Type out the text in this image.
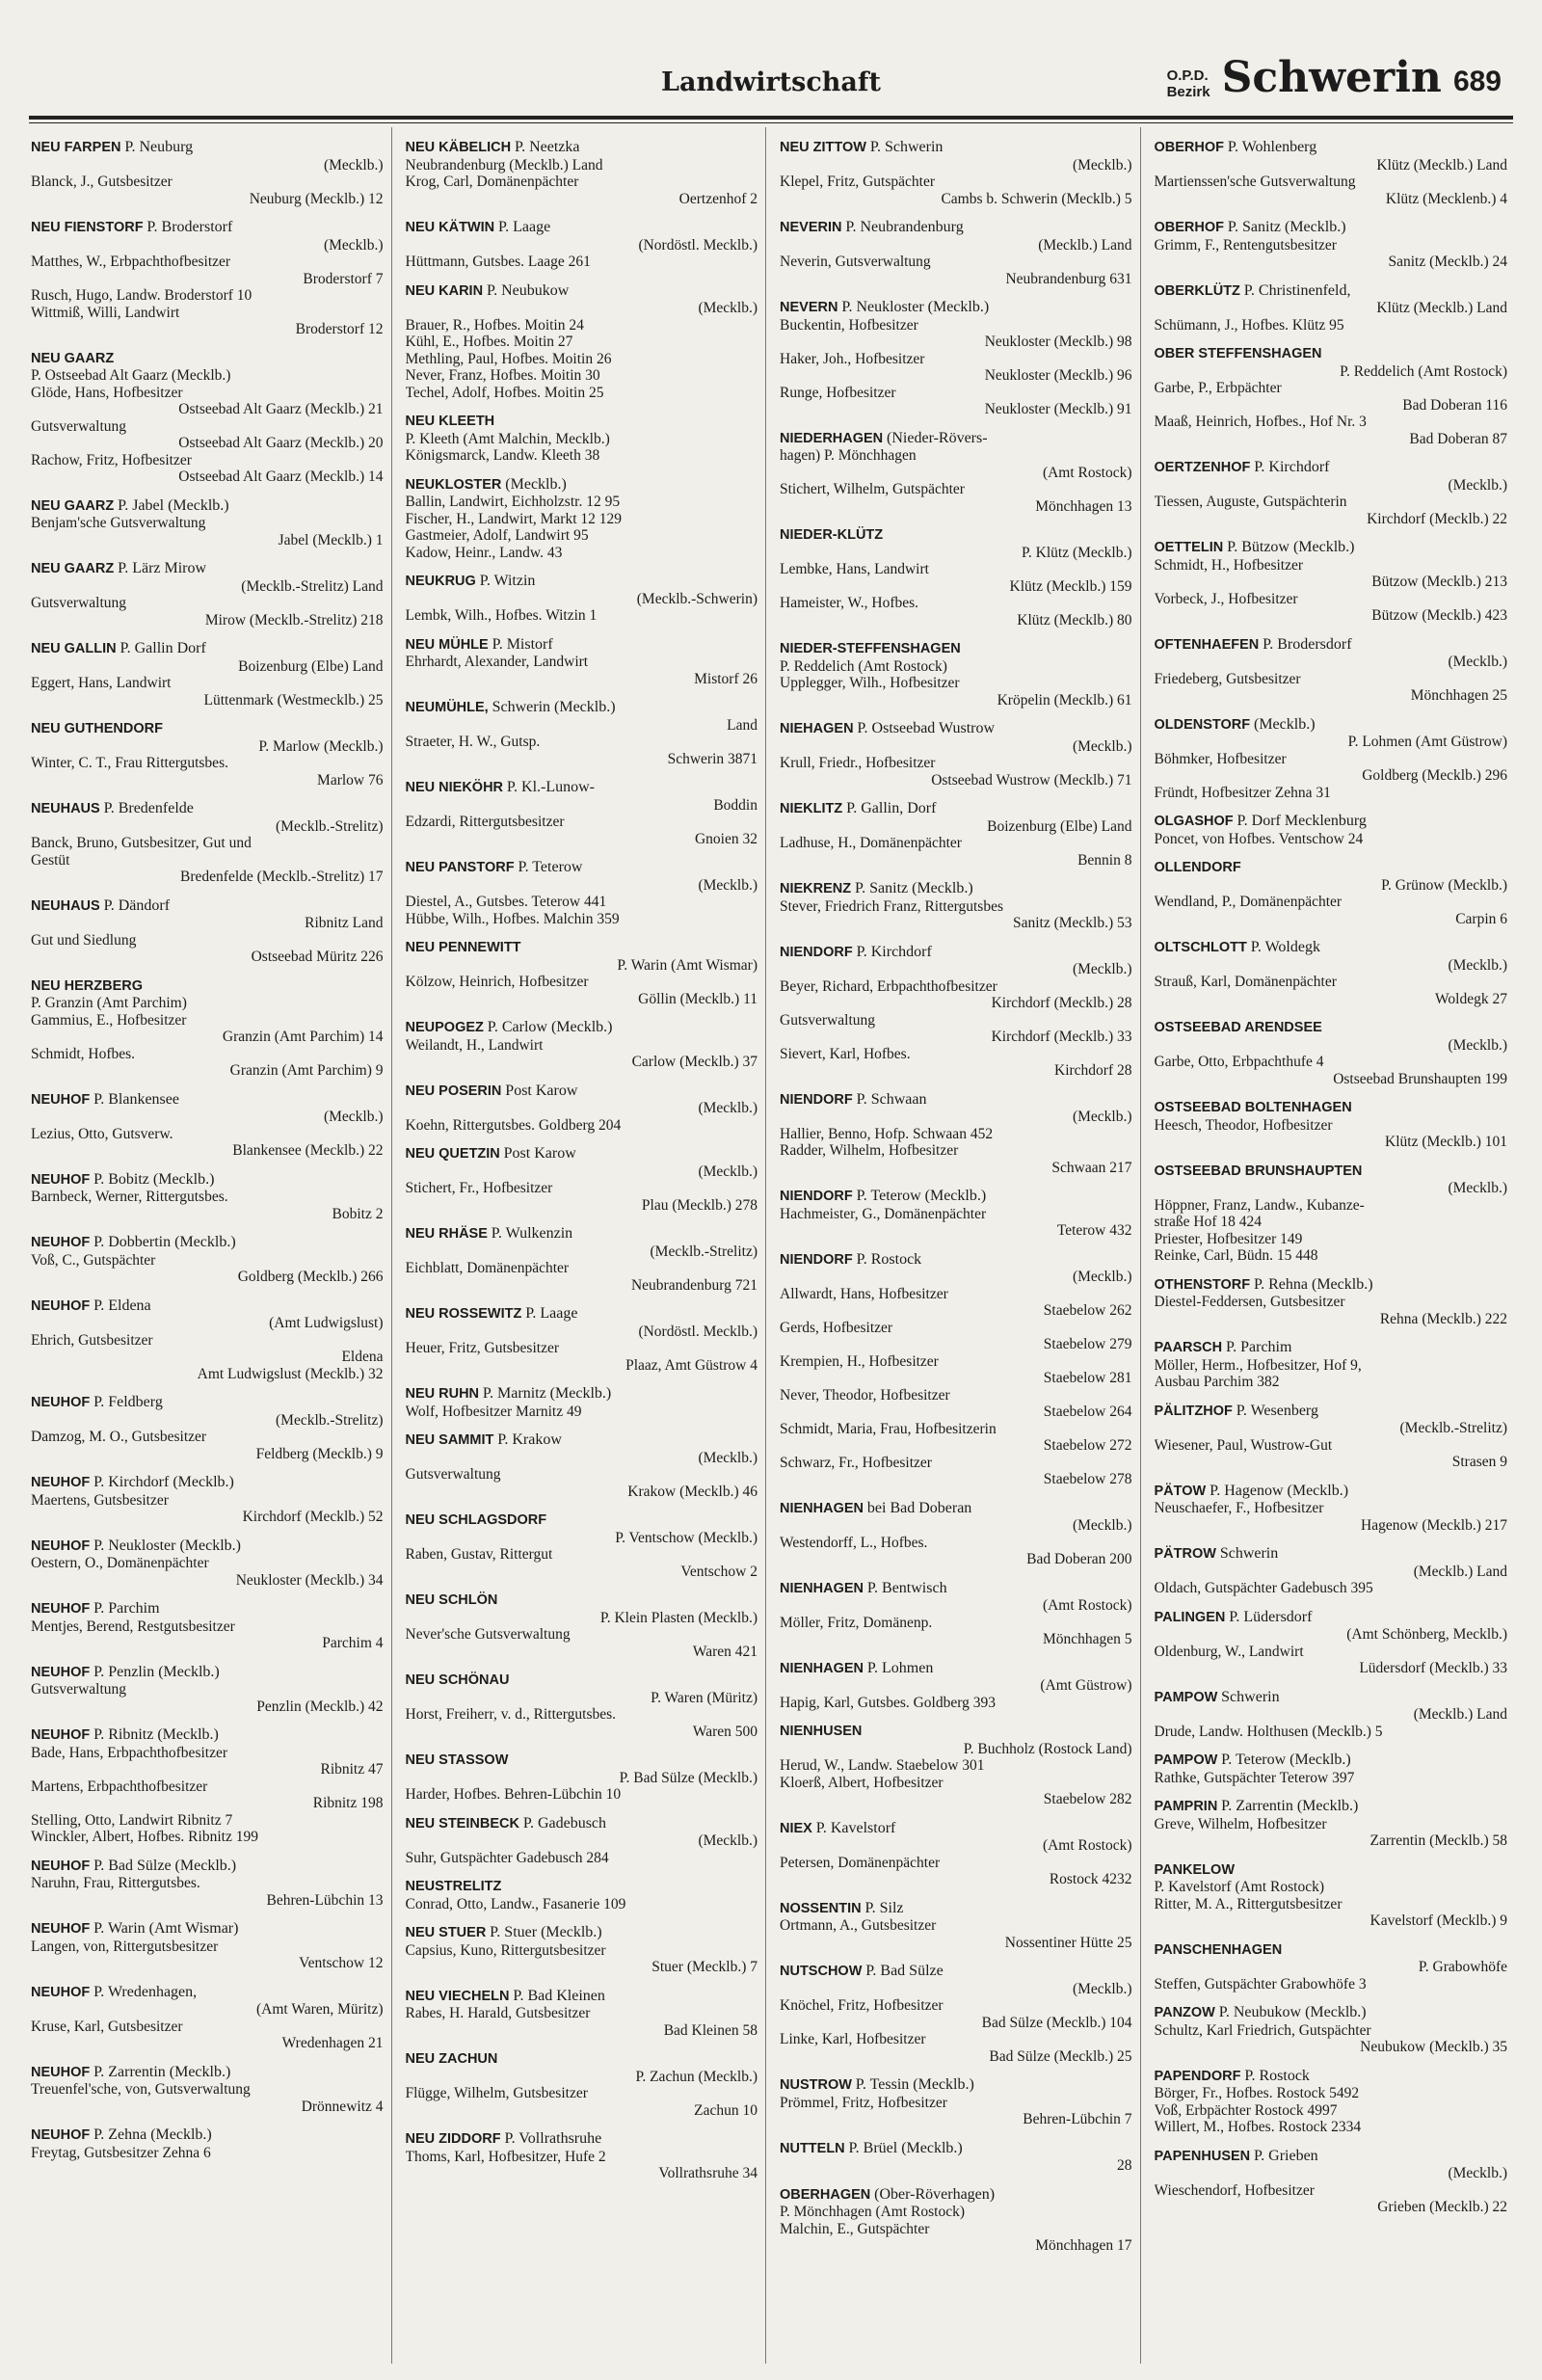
Landwirtschaft	O.P.D.
Bezirk Schwerin 689
NEU FARPEN P. Neuburg
(Mecklb.)
Blanck, J., Gutsbesitzer
Neuburg (Mecklb.) 12
NEU FIENSTORF P. Broderstorf
(Mecklb.)
Matthes, W., Erbpachthofbesitzer
Broderstorf 7
Rusch, Hugo, Landw. Broderstorf 10
Wittmiß, Willi, Landwirt
Broderstorf 12
NEU GAARZ
P. Ostseebad Alt Gaarz (Mecklb.)
Glöde, Hans, Hofbesitzer
Ostseebad Alt Gaarz (Mecklb.) 21
Gutsverwaltung
Ostseebad Alt Gaarz (Mecklb.) 20
Rachow, Fritz, Hofbesitzer
Ostseebad Alt Gaarz (Mecklb.) 14
NEU GAARZ P. Jabel (Mecklb.)
Benjam'sche Gutsverwaltung
Jabel (Mecklb.) 1
NEU GAARZ P. Lärz Mirow
(Mecklb.-Strelitz) Land
Gutsverwaltung
Mirow (Mecklb.-Strelitz) 218
NEU GALLIN P. Gallin Dorf
Boizenburg (Elbe) Land
Eggert, Hans, Landwirt
Lüttenmark (Westmecklb.) 25
NEU GUTHENDORF
P. Marlow (Mecklb.)
Winter, C. T., Frau Rittergutsbes.
Marlow 76
NEUHAUS P. Bredenfelde
(Mecklb.-Strelitz)
Banck, Bruno, Gutsbesitzer, Gut und
Gestüt
Bredenfelde (Mecklb.-Strelitz) 17
NEUHAUS P. Dändorf
Ribnitz Land
Gut und Siedlung
Ostseebad Müritz 226
NEU HERZBERG
P. Granzin (Amt Parchim)
Gammius, E., Hofbesitzer
Granzin (Amt Parchim) 14
Schmidt, Hofbes.
Granzin (Amt Parchim) 9
NEUHOF P. Blankensee
(Mecklb.)
Lezius, Otto, Gutsverw.
Blankensee (Mecklb.) 22
NEUHOF P. Bobitz (Mecklb.)
Barnbeck, Werner, Rittergutsbes.
Bobitz 2
NEUHOF P. Dobbertin (Mecklb.)
Voß, C., Gutspächter
Goldberg (Mecklb.) 266
NEUHOF P. Eldena
(Amt Ludwigslust)
Ehrich, Gutsbesitzer
Eldena
Amt Ludwigslust (Mecklb.) 32
NEUHOF P. Feldberg
(Mecklb.-Strelitz)
Damzog, M. O., Gutsbesitzer
Feldberg (Mecklb.) 9
NEUHOF P. Kirchdorf (Mecklb.)
Maertens, Gutsbesitzer
Kirchdorf (Mecklb.) 52
NEUHOF P. Neukloster (Mecklb.)
Oestern, O., Domänenpächter
Neukloster (Mecklb.) 34
NEUHOF P. Parchim
Mentjes, Berend, Restgutsbesitzer
Parchim 4
NEUHOF P. Penzlin (Mecklb.)
Gutsverwaltung
Penzlin (Mecklb.) 42
NEUHOF P. Ribnitz (Mecklb.)
Bade, Hans, Erbpachthofbesitzer
Ribnitz 47
Martens, Erbpachthofbesitzer
Ribnitz 198
Stelling, Otto, Landwirt Ribnitz 7
Winckler, Albert, Hofbes. Ribnitz 199
NEUHOF P. Bad Sülze (Mecklb.)
Naruhn, Frau, Rittergutsbes.
Behren-Lübchin 13
NEUHOF P. Warin (Amt Wismar)
Langen, von, Rittergutsbesitzer
Ventschow 12
NEUHOF P. Wredenhagen,
(Amt Waren, Müritz)
Kruse, Karl, Gutsbesitzer
Wredenhagen 21
NEUHOF P. Zarrentin (Mecklb.)
Treuenfel'sche, von, Gutsverwaltung
Drönnewitz 4
NEUHOF P. Zehna (Mecklb.)
Freytag, Gutsbesitzer Zehna 6
NEU KÄBELICH P. Neetzka
Neubrandenburg (Mecklb.) Land
Krog, Carl, Domänenpächter
Oertzenhof 2
NEU KÄTWIN P. Laage
(Nordöstl. Mecklb.)
Hüttmann, Gutsbes. Laage 261
NEU KARIN P. Neubukow
(Mecklb.)
Brauer, R., Hofbes. Moitin 24
Kühl, E., Hofbes. Moitin 27
Methling, Paul, Hofbes. Moitin 26
Never, Franz, Hofbes. Moitin 30
Techel, Adolf, Hofbes. Moitin 25
NEU KLEETH
P. Kleeth (Amt Malchin, Mecklb.)
Königsmarck, Landw. Kleeth 38
NEUKLOSTER (Mecklb.)
Ballin, Landwirt, Eichholzstr. 12 95
Fischer, H., Landwirt, Markt 12 129
Gastmeier, Adolf, Landwirt 95
Kadow, Heinr., Landw. 43
NEUKRUG P. Witzin
(Mecklb.-Schwerin)
Lembk, Wilh., Hofbes. Witzin 1
NEU MÜHLE P. Mistorf
Ehrhardt, Alexander, Landwirt
Mistorf 26
NEUMÜHLE, Schwerin (Mecklb.)
Land
Straeter, H. W., Gutsp.
Schwerin 3871
NEU NIEKÖHR P. Kl.-Lunow-
Boddin
Edzardi, Rittergutsbesitzer
Gnoien 32
NEU PANSTORF P. Teterow
(Mecklb.)
Diestel, A., Gutsbes. Teterow 441
Hübbe, Wilh., Hofbes. Malchin 359
NEU PENNEWITT
P. Warin (Amt Wismar)
Kölzow, Heinrich, Hofbesitzer
Göllin (Mecklb.) 11
NEUPOGEZ P. Carlow (Mecklb.)
Weilandt, H., Landwirt
Carlow (Mecklb.) 37
NEU POSERIN Post Karow
(Mecklb.)
Koehn, Rittergutsbes. Goldberg 204
NEU QUETZIN Post Karow
(Mecklb.)
Stichert, Fr., Hofbesitzer
Plau (Mecklb.) 278
NEU RHÄSE P. Wulkenzin
(Mecklb.-Strelitz)
Eichblatt, Domänenpächter
Neubrandenburg 721
NEU ROSSEWITZ P. Laage
(Nordöstl. Mecklb.)
Heuer, Fritz, Gutsbesitzer
Plaaz, Amt Güstrow 4
NEU RUHN P. Marnitz (Mecklb.)
Wolf, Hofbesitzer Marnitz 49
NEU SAMMIT P. Krakow
(Mecklb.)
Gutsverwaltung
Krakow (Mecklb.) 46
NEU SCHLAGSDORF
P. Ventschow (Mecklb.)
Raben, Gustav, Rittergut
Ventschow 2
NEU SCHLÖN
P. Klein Plasten (Mecklb.)
Never'sche Gutsverwaltung
Waren 421
NEU SCHÖNAU
P. Waren (Müritz)
Horst, Freiherr, v. d., Rittergutsbes.
Waren 500
NEU STASSOW
P. Bad Sülze (Mecklb.)
Harder, Hofbes. Behren-Lübchin 10
NEU STEINBECK P. Gadebusch
(Mecklb.)
Suhr, Gutspächter Gadebusch 284
NEUSTRELITZ
Conrad, Otto, Landw., Fasanerie 109
NEU STUER P. Stuer (Mecklb.)
Capsius, Kuno, Rittergutsbesitzer
Stuer (Mecklb.) 7
NEU VIECHELN P. Bad Kleinen
Rabes, H. Harald, Gutsbesitzer
Bad Kleinen 58
NEU ZACHUN
P. Zachun (Mecklb.)
Flügge, Wilhelm, Gutsbesitzer
Zachun 10
NEU ZIDDORF P. Vollrathsruhe
Thoms, Karl, Hofbesitzer, Hufe 2
Vollrathsruhe 34
NEU ZITTOW P. Schwerin
(Mecklb.)
Klepel, Fritz, Gutspächter
Cambs b. Schwerin (Mecklb.) 5
NEVERIN P. Neubrandenburg
(Mecklb.) Land
Neverin, Gutsverwaltung
Neubrandenburg 631
NEVERN P. Neukloster (Mecklb.)
Buckentin, Hofbesitzer
Neukloster (Mecklb.) 98
Haker, Joh., Hofbesitzer
Neukloster (Mecklb.) 96
Runge, Hofbesitzer
Neukloster (Mecklb.) 91
NIEDERHAGEN (Nieder-Rövers-
hagen) P. Mönchhagen
(Amt Rostock)
Stichert, Wilhelm, Gutspächter
Mönchhagen 13
NIEDER-KLÜTZ
P. Klütz (Mecklb.)
Lembke, Hans, Landwirt
Klütz (Mecklb.) 159
Hameister, W., Hofbes.
Klütz (Mecklb.) 80
NIEDER-STEFFENSHAGEN
P. Reddelich (Amt Rostock)
Upplegger, Wilh., Hofbesitzer
Kröpelin (Mecklb.) 61
NIEHAGEN P. Ostseebad Wustrow
(Mecklb.)
Krull, Friedr., Hofbesitzer
Ostseebad Wustrow (Mecklb.) 71
NIEKLITZ P. Gallin, Dorf
Boizenburg (Elbe) Land
Ladhuse, H., Domänenpächter
Bennin 8
NIEKRENZ P. Sanitz (Mecklb.)
Stever, Friedrich Franz, Rittergutsbes
Sanitz (Mecklb.) 53
NIENDORF P. Kirchdorf
(Mecklb.)
Beyer, Richard, Erbpachthofbesitzer
Kirchdorf (Mecklb.) 28
Gutsverwaltung
Kirchdorf (Mecklb.) 33
Sievert, Karl, Hofbes.
Kirchdorf 28
NIENDORF P. Schwaan
(Mecklb.)
Hallier, Benno, Hofp. Schwaan 452
Radder, Wilhelm, Hofbesitzer
Schwaan 217
NIENDORF P. Teterow (Mecklb.)
Hachmeister, G., Domänenpächter
Teterow 432
NIENDORF P. Rostock
(Mecklb.)
Allwardt, Hans, Hofbesitzer
Staebelow 262
Gerds, Hofbesitzer
Staebelow 279
Krempien, H., Hofbesitzer
Staebelow 281
Never, Theodor, Hofbesitzer
Staebelow 264
Schmidt, Maria, Frau, Hofbesitzerin
Staebelow 272
Schwarz, Fr., Hofbesitzer
Staebelow 278
NIENHAGEN bei Bad Doberan
(Mecklb.)
Westendorff, L., Hofbes.
Bad Doberan 200
NIENHAGEN P. Bentwisch
(Amt Rostock)
Möller, Fritz, Domänenp.
Mönchhagen 5
NIENHAGEN P. Lohmen
(Amt Güstrow)
Hapig, Karl, Gutsbes. Goldberg 393
NIENHUSEN
P. Buchholz (Rostock Land)
Herud, W., Landw. Staebelow 301
Kloerß, Albert, Hofbesitzer
Staebelow 282
NIEX P. Kavelstorf
(Amt Rostock)
Petersen, Domänenpächter
Rostock 4232
NOSSENTIN P. Silz
Ortmann, A., Gutsbesitzer
Nossentiner Hütte 25
NUTSCHOW P. Bad Sülze
(Mecklb.)
Knöchel, Fritz, Hofbesitzer
Bad Sülze (Mecklb.) 104
Linke, Karl, Hofbesitzer
Bad Sülze (Mecklb.) 25
NUSTROW P. Tessin (Mecklb.)
Prömmel, Fritz, Hofbesitzer
Behren-Lübchin 7
NUTTELN P. Brüel (Mecklb.)
28
OBERHAGEN (Ober-Röverhagen)
P. Mönchhagen (Amt Rostock)
Malchin, E., Gutspächter
Mönchhagen 17
OBERHOF P. Wohlenberg
Klütz (Mecklb.) Land
Martienssen'sche Gutsverwaltung
Klütz (Mecklenb.) 4
OBERHOF P. Sanitz (Mecklb.)
Grimm, F., Rentengutsbesitzer
Sanitz (Mecklb.) 24
OBERKLÜTZ P. Christinenfeld,
Klütz (Mecklb.) Land
Schümann, J., Hofbes. Klütz 95
OBER STEFFENSHAGEN
P. Reddelich (Amt Rostock)
Garbe, P., Erbpächter
Bad Doberan 116
Maaß, Heinrich, Hofbes., Hof Nr. 3
Bad Doberan 87
OERTZENHOF P. Kirchdorf
(Mecklb.)
Tiessen, Auguste, Gutspächterin
Kirchdorf (Mecklb.) 22
OETTELIN P. Bützow (Mecklb.)
Schmidt, H., Hofbesitzer
Bützow (Mecklb.) 213
Vorbeck, J., Hofbesitzer
Bützow (Mecklb.) 423
OFTENHAEFEN P. Brodersdorf
(Mecklb.)
Friedeberg, Gutsbesitzer
Mönchhagen 25
OLDENSTORF (Mecklb.)
P. Lohmen (Amt Güstrow)
Böhmker, Hofbesitzer
Goldberg (Mecklb.) 296
Fründt, Hofbesitzer Zehna 31
OLGASHOF P. Dorf Mecklenburg
Poncet, von Hofbes. Ventschow 24
OLLENDORF
P. Grünow (Mecklb.)
Wendland, P., Domänenpächter
Carpin 6
OLTSCHLOTT P. Woldegk
(Mecklb.)
Strauß, Karl, Domänenpächter
Woldegk 27
OSTSEEBAD ARENDSEE
(Mecklb.)
Garbe, Otto, Erbpachthufe 4
Ostseebad Brunshaupten 199
OSTSEEBAD BOLTENHAGEN
Heesch, Theodor, Hofbesitzer
Klütz (Mecklb.) 101
OSTSEEBAD BRUNSHAUPTEN
(Mecklb.)
Höppner, Franz, Landw., Kubanze-
straße Hof 18 424
Priester, Hofbesitzer 149
Reinke, Carl, Büdn. 15 448
OTHENSTORF P. Rehna (Mecklb.)
Diestel-Feddersen, Gutsbesitzer
Rehna (Mecklb.) 222
PAARSCH P. Parchim
Möller, Herm., Hofbesitzer, Hof 9,
Ausbau Parchim 382
PÄLITZHOF P. Wesenberg
(Mecklb.-Strelitz)
Wiesener, Paul, Wustrow-Gut
Strasen 9
PÄTOW P. Hagenow (Mecklb.)
Neuschaefer, F., Hofbesitzer
Hagenow (Mecklb.) 217
PÄTROW Schwerin
(Mecklb.) Land
Oldach, Gutspächter Gadebusch 395
PALINGEN P. Lüdersdorf
(Amt Schönberg, Mecklb.)
Oldenburg, W., Landwirt
Lüdersdorf (Mecklb.) 33
PAMPOW Schwerin
(Mecklb.) Land
Drude, Landw. Holthusen (Mecklb.) 5
PAMPOW P. Teterow (Mecklb.)
Rathke, Gutspächter Teterow 397
PAMPRIN P. Zarrentin (Mecklb.)
Greve, Wilhelm, Hofbesitzer
Zarrentin (Mecklb.) 58
PANKELOW
P. Kavelstorf (Amt Rostock)
Ritter, M. A., Rittergutsbesitzer
Kavelstorf (Mecklb.) 9
PANSCHENHAGEN
P. Grabowhöfe
Steffen, Gutspächter Grabowhöfe 3
PANZOW P. Neubukow (Mecklb.)
Schultz, Karl Friedrich, Gutspächter
Neubukow (Mecklb.) 35
PAPENDORF P. Rostock
Börger, Fr., Hofbes. Rostock 5492
Voß, Erbpächter Rostock 4997
Willert, M., Hofbes. Rostock 2334
PAPENHUSEN P. Grieben
(Mecklb.)
Wieschendorf, Hofbesitzer
Grieben (Mecklb.) 22
